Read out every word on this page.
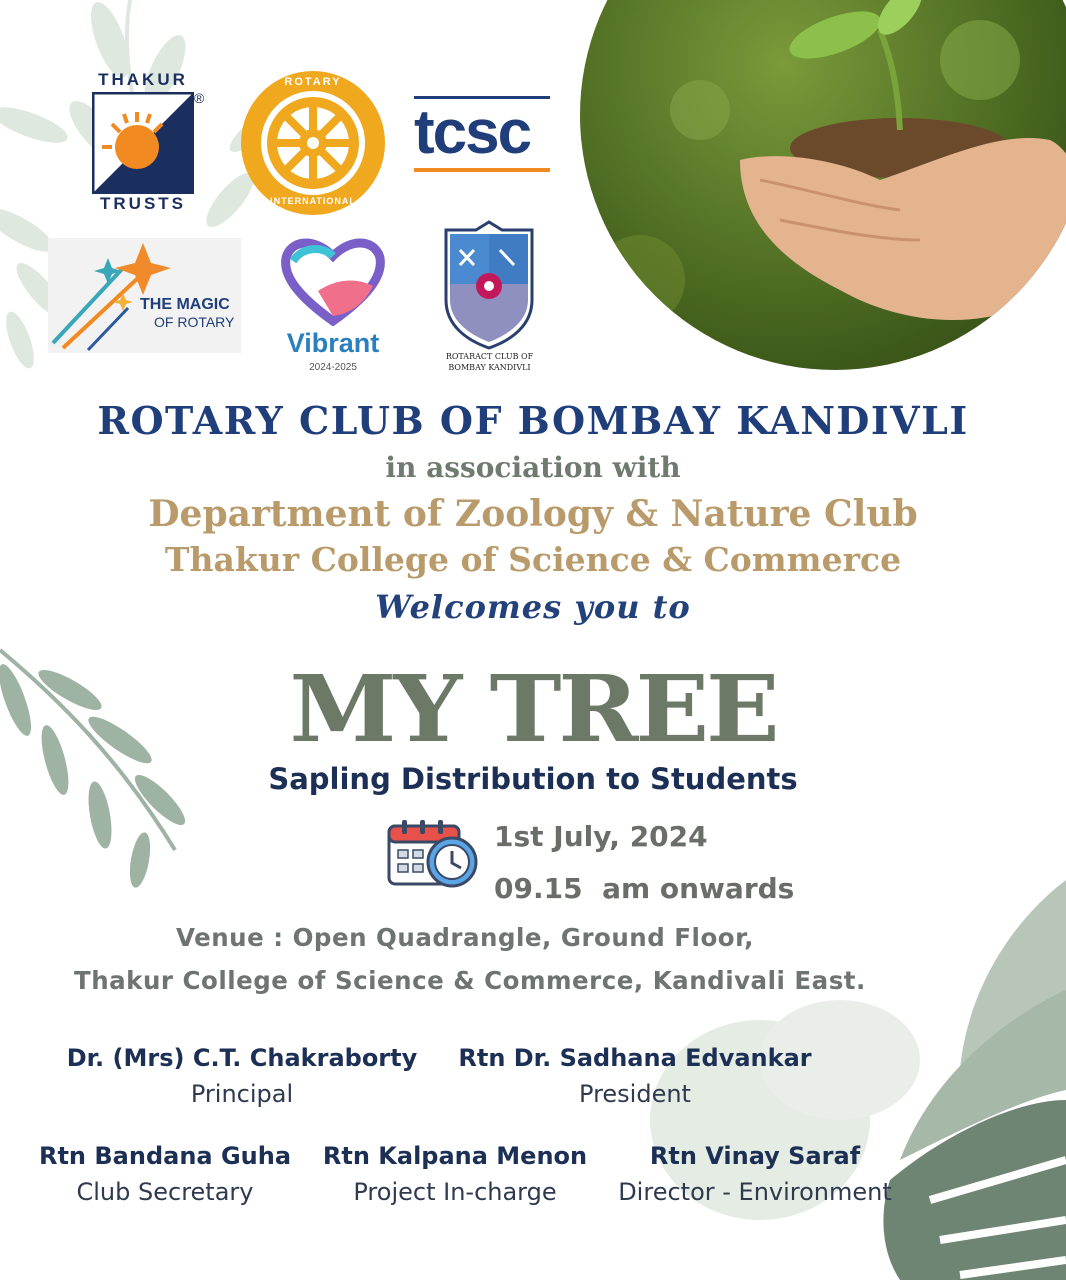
THAKUR
®
TRUSTS
ROTARY
INTERNATIONAL
tcsc
THE MAGIC
OF ROTARY
Vibrant
2024-2025
ROTARACT CLUB OF
BOMBAY KANDIVLI
ROTARY CLUB OF BOMBAY KANDIVLI
in association with
Department of Zoology & Nature Club
Thakur College of Science & Commerce
Welcomes you to
MY TREE
Sapling Distribution to Students
1st July, 2024
09.15  am onwards
Venue : Open Quadrangle, Ground Floor,
Thakur College of Science & Commerce, Kandivali East.
Dr. (Mrs) C.T. Chakraborty
Principal
Rtn Dr. Sadhana Edvankar
President
Rtn Bandana Guha
Club Secretary
Rtn Kalpana Menon
Project In-charge
Rtn Vinay Saraf
Director - Environment
